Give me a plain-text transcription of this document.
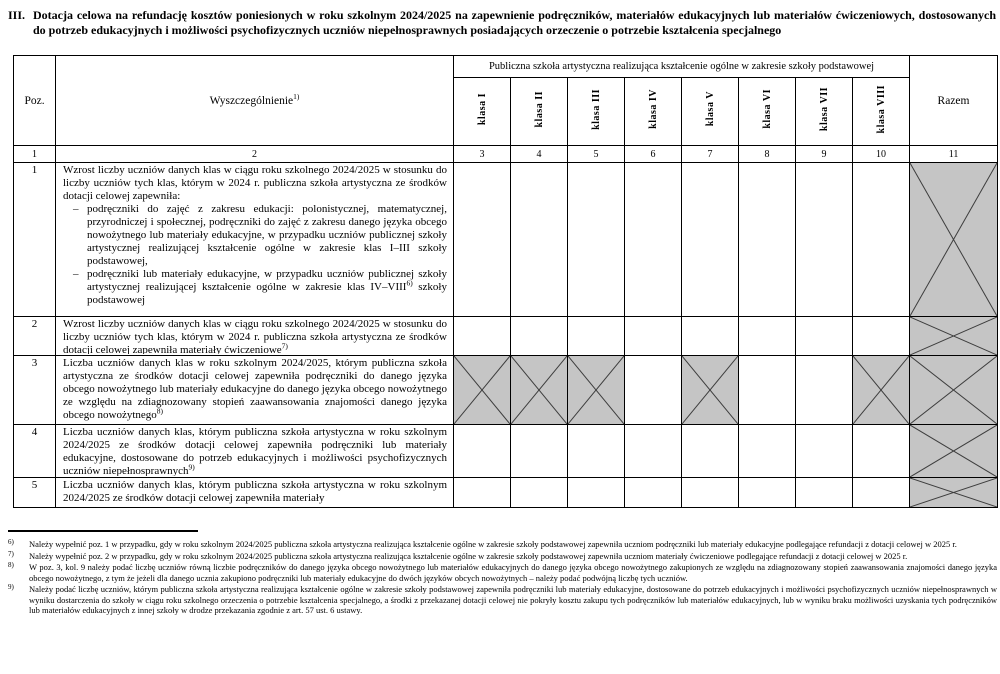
III. Dotacja celowa na refundację kosztów poniesionych w roku szkolnym 2024/2025 na zapewnienie podręczników, materiałów edukacyjnych lub materiałów ćwiczeniowych, dostosowanych do potrzeb edukacyjnych i możliwości psychofizycznych uczniów niepełnosprawnych posiadających orzeczenie o potrzebie kształcenia specjalnego
Poz.	Wyszczególnienie$^{1)}$	Publiczna szkoła artystyczna realizująca kształcenie ogólne w zakresie szkoły podstawowej								Razem
		klasa I	klasa II	klasa III	klasa IV	klasa V	klasa VI	klasa VII	klasa VIII	
1	2	3	4	5	6	7	8	9	10	11
1	Wzrost liczby uczniów danych klas w ciągu roku szkolnego 2024/2025 w stosunku do liczby uczniów tych klas, którym w 2024 r. publiczna szkoła artystyczna ze środków dotacji celowej zapewniła:
– podręczniki do zajęć z zakresu edukacji: polonistycznej, matematycznej, przyrodniczej i społecznej, podręczniki do zajęć z zakresu danego języka obcego nowożytnego lub materiały edukacyjne, w przypadku uczniów publicznej szkoły artystycznej realizującej kształcenie ogólne w zakresie klas I–III szkoły podstawowej,
– podręczniki lub materiały edukacyjne, w przypadku uczniów publicznej szkoły artystycznej realizującej kształcenie ogólne w zakresie klas IV–VIII$^{6)}$ szkoły podstawowej

2	Wzrost liczby uczniów danych klas w ciągu roku szkolnego 2024/2025 w stosunku do liczby uczniów tych klas, którym w 2024 r. publiczna szkoła artystyczna ze środków dotacji celowej zapewniła materiały ćwiczeniowe$^{7)}$

3	Liczba uczniów danych klas w roku szkolnym 2024/2025, którym publiczna szkoła artystyczna ze środków dotacji celowej zapewniła podręczniki do danego języka obcego nowożytnego lub materiały edukacyjne do danego języka obcego nowożytnego ze względu na zdiagnozowany stopień zaawansowania znajomości danego języka obcego nowożytnego$^{8)}$

4	Liczba uczniów danych klas, którym publiczna szkoła artystyczna w roku szkolnym 2024/2025 ze środków dotacji celowej zapewniła podręczniki lub materiały edukacyjne, dostosowane do potrzeb edukacyjnych i możliwości psychofizycznych uczniów niepełnosprawnych$^{9)}$

5	Liczba uczniów danych klas, którym publiczna szkoła artystyczna w roku szkolnym 2024/2025 ze środków dotacji celowej zapewniła materiały

6)	Należy wypełnić poz. 1 w przypadku, gdy w roku szkolnym 2024/2025 publiczna szkoła artystyczna realizująca kształcenie ogólne w zakresie szkoły podstawowej zapewniła uczniom podręczniki lub materiały edukacyjne podlegające refundacji z dotacji celowej w 2025 r.
7)	Należy wypełnić poz. 2 w przypadku, gdy w roku szkolnym 2024/2025 publiczna szkoła artystyczna realizująca kształcenie ogólne w zakresie szkoły podstawowej zapewniła uczniom materiały ćwiczeniowe podlegające refundacji z dotacji celowej w 2025 r.
8)	W poz. 3, kol. 9 należy podać liczbę uczniów równą liczbie podręczników do danego języka obcego nowożytnego lub materiałów edukacyjnych do danego języka obcego nowożytnego zakupionych ze względu na zdiagnozowany stopień zaawansowania znajomości danego języka obcego nowożytnego, z tym że jeżeli dla danego ucznia zakupiono podręczniki lub materiały edukacyjne do dwóch języków obcych nowożytnych – należy podać podwójną liczbę tych uczniów.
9)	Należy podać liczbę uczniów, którym publiczna szkoła artystyczna realizująca kształcenie ogólne w zakresie szkoły podstawowej zapewniła podręczniki lub materiały edukacyjne, dostosowane do potrzeb edukacyjnych i możliwości psychofizycznych uczniów niepełnosprawnych w wyniku dostarczenia do szkoły w ciągu roku szkolnego orzeczenia o potrzebie kształcenia specjalnego, a środki z przekazanej dotacji celowej nie pokryły kosztu zakupu tych podręczników lub materiałów edukacyjnych, lub w wyniku braku możliwości uzyskania tych podręczników lub materiałów edukacyjnych z innej szkoły w drodze przekazania zgodnie z art. 57 ust. 6 ustawy.
